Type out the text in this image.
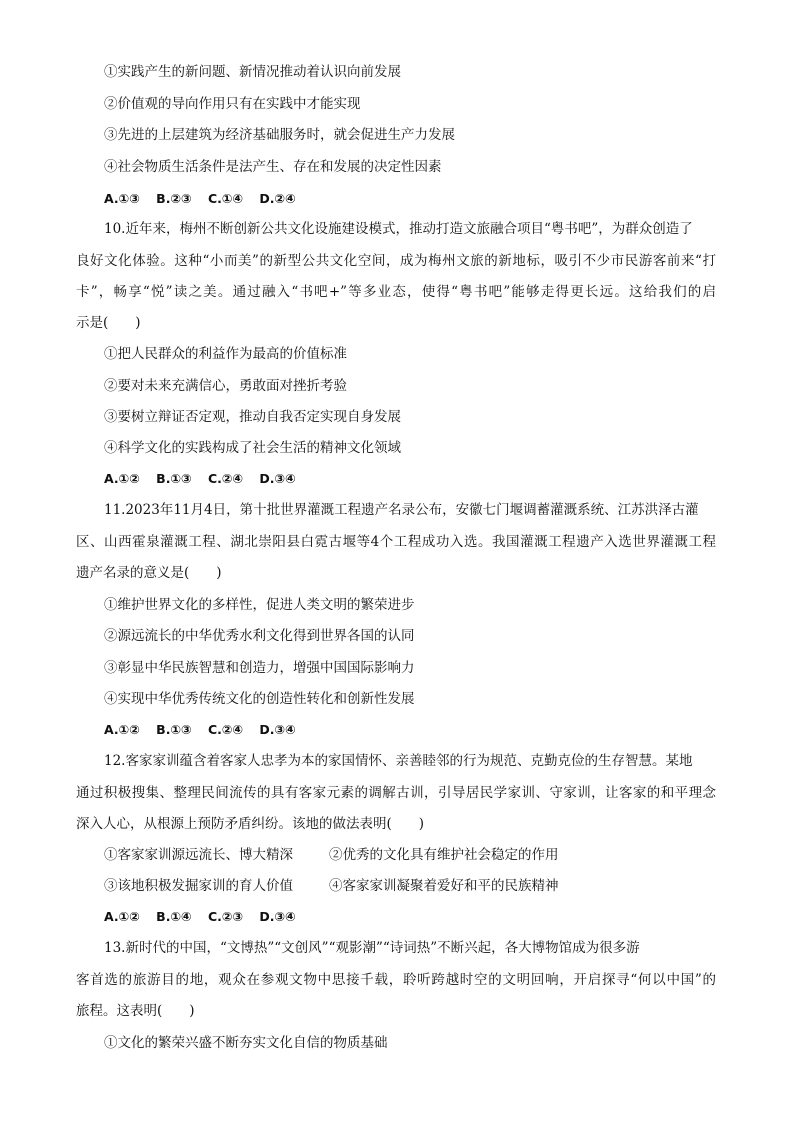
①实践产生的新问题、新情况推动着认识向前发展
②价值观的导向作用只有在实践中才能实现
③先进的上层建筑为经济基础服务时，就会促进生产力发展
④社会物质生活条件是法产生、存在和发展的决定性因素
A.①③ B.②③ C.①④ D.②④
10.近年来，梅州不断创新公共文化设施建设模式，推动打造文旅融合项目“粤书吧”，为群众创造了
良好文化体验。这种“小而美”的新型公共文化空间，成为梅州文旅的新地标，吸引不少市民游客前来“打
卡”，畅享“悦”读之美。通过融入“书吧+”等多业态，使得“粤书吧”能够走得更长远。这给我们的启
示是(　　)
①把人民群众的利益作为最高的价值标准
②要对未来充满信心，勇敢面对挫折考验
③要树立辩证否定观，推动自我否定实现自身发展
④科学文化的实践构成了社会生活的精神文化领域
A.①② B.①③ C.②④ D.③④
11.2023年11月4日，第十批世界灌溉工程遗产名录公布，安徽七门堰调蓄灌溉系统、江苏洪泽古灌
区、山西霍泉灌溉工程、湖北崇阳县白霓古堰等4个工程成功入选。我国灌溉工程遗产入选世界灌溉工程
遗产名录的意义是(　　)
①维护世界文化的多样性，促进人类文明的繁荣进步
②源远流长的中华优秀水利文化得到世界各国的认同
③彰显中华民族智慧和创造力，增强中国国际影响力
④实现中华优秀传统文化的创造性转化和创新性发展
A.①② B.①③ C.②④ D.③④
12.客家家训蕴含着客家人忠孝为本的家国情怀、亲善睦邻的行为规范、克勤克俭的生存智慧。某地
通过积极搜集、整理民间流传的具有客家元素的调解古训，引导居民学家训、守家训，让客家的和平理念
深入人心，从根源上预防矛盾纠纷。该地的做法表明(　　)
①客家家训源远流长、博大精深	②优秀的文化具有维护社会稳定的作用
③该地积极发掘家训的育人价值	④客家家训凝聚着爱好和平的民族精神
A.①② B.①④ C.②③ D.③④
13.新时代的中国，“文博热”“文创风”“观影潮”“诗词热”不断兴起，各大博物馆成为很多游
客首选的旅游目的地，观众在参观文物中思接千载，聆听跨越时空的文明回响，开启探寻“何以中国”的
旅程。这表明(　　)
①文化的繁荣兴盛不断夯实文化自信的物质基础
